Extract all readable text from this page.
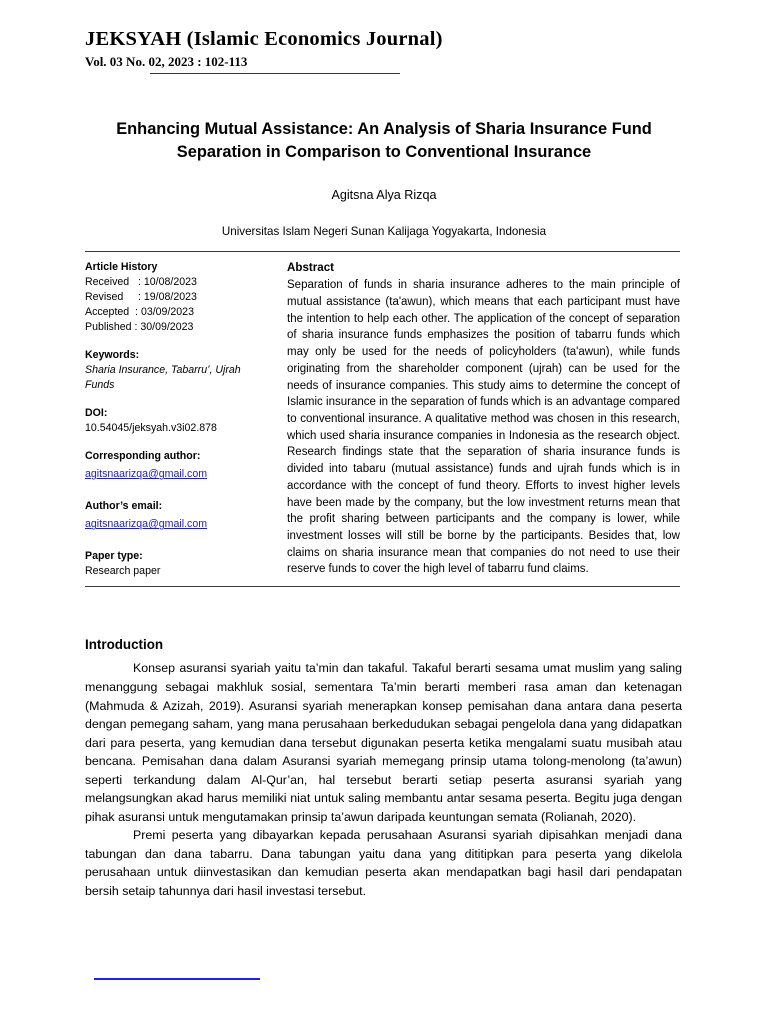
JEKSYAH (Islamic Economics Journal)
Vol. 03 No. 02, 2023 : 102-113
Enhancing Mutual Assistance: An Analysis of Sharia Insurance Fund Separation in Comparison to Conventional Insurance
Agitsna Alya Rizqa
Universitas Islam Negeri Sunan Kalijaga Yogyakarta, Indonesia
Article History
Received   : 10/08/2023
Revised     : 19/08/2023
Accepted  : 03/09/2023
Published : 30/09/2023
Keywords:
Sharia Insurance, Tabarru’, Ujrah Funds
DOI:
10.54045/jeksyah.v3i02.878
Corresponding author:
agitsnaarizqa@gmail.com
Author’s email:
agitsnaarizqa@gmail.com
Paper type:
Research paper
Abstract
Separation of funds in sharia insurance adheres to the main principle of mutual assistance (ta'awun), which means that each participant must have the intention to help each other. The application of the concept of separation of sharia insurance funds emphasizes the position of tabarru funds which may only be used for the needs of policyholders (ta'awun), while funds originating from the shareholder component (ujrah) can be used for the needs of insurance companies. This study aims to determine the concept of Islamic insurance in the separation of funds which is an advantage compared to conventional insurance. A qualitative method was chosen in this research, which used sharia insurance companies in Indonesia as the research object. Research findings state that the separation of sharia insurance funds is divided into tabaru (mutual assistance) funds and ujrah funds which is in accordance with the concept of fund theory. Efforts to invest higher levels have been made by the company, but the low investment returns mean that the profit sharing between participants and the company is lower, while investment losses will still be borne by the participants. Besides that, low claims on sharia insurance mean that companies do not need to use their reserve funds to cover the high level of tabarru fund claims.
Introduction

Konsep asuransi syariah yaitu ta’min dan takaful. Takaful berarti sesama umat muslim yang saling menanggung sebagai makhluk sosial, sementara Ta’min berarti memberi rasa aman dan ketenagan (Mahmuda & Azizah, 2019). Asuransi syariah menerapkan konsep pemisahan dana antara dana peserta dengan pemegang saham, yang mana perusahaan berkedudukan sebagai pengelola dana yang didapatkan dari para peserta, yang kemudian dana tersebut digunakan peserta ketika mengalami suatu musibah atau bencana. Pemisahan dana dalam Asuransi syariah memegang prinsip utama tolong-menolong (ta’awun) seperti terkandung dalam Al-Qur’an, hal tersebut berarti setiap peserta asuransi syariah yang melangsungkan akad harus memiliki niat untuk saling membantu antar sesama peserta. Begitu juga dengan pihak asuransi untuk mengutamakan prinsip ta’awun daripada keuntungan semata (Rolianah, 2020).

Premi peserta yang dibayarkan kepada perusahaan Asuransi syariah dipisahkan menjadi dana tabungan dan dana tabarru. Dana tabungan yaitu dana yang dititipkan para peserta yang dikelola perusahaan untuk diinvestasikan dan kemudian peserta akan mendapatkan bagi hasil dari pendapatan bersih setaip tahunnya dari hasil investasi tersebut.
